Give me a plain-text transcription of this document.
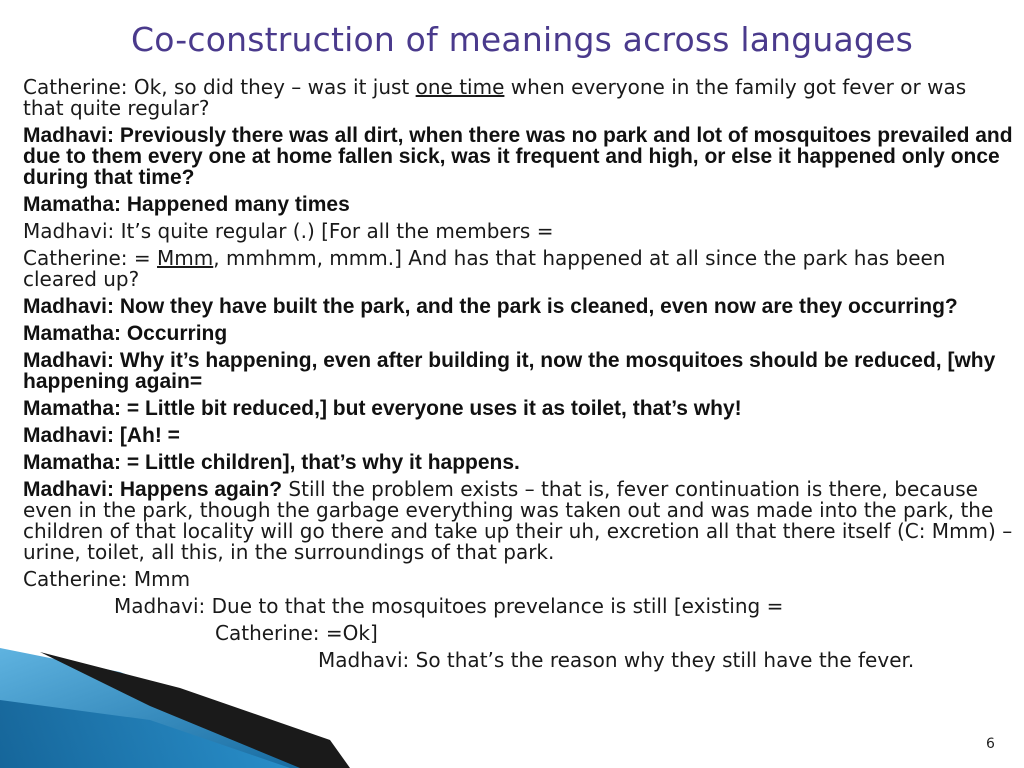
Co-construction of meanings across languages

Catherine: Ok, so did they – was it just one time when everyone in the family got fever or was that quite regular?

Madhavi: Previously there was all dirt, when there was no park and lot of mosquitoes prevailed and due to them every one at home fallen sick, was it frequent and high, or else it happened only once during that time?

Mamatha: Happened many times

Madhavi: It’s quite regular (.) [For all the members =

Catherine: = Mmm, mmhmm, mmm.] And has that happened at all since the park has been cleared up?

Madhavi: Now they have built the park, and the park is cleaned, even now are they occurring?

Mamatha: Occurring

Madhavi: Why it’s happening, even after building it, now the mosquitoes should be reduced, [why happening again=

Mamatha: = Little bit reduced,] but everyone uses it as toilet, that’s why!

Madhavi: [Ah! =

Mamatha: = Little children], that’s why it happens.

Madhavi: Happens again? Still the problem exists – that is, fever continuation is there, because even in the park, though the garbage everything was taken out and was made into the park, the children of that locality will go there and take up their uh, excretion all that there itself (C: Mmm) – urine, toilet, all this, in the surroundings of that park.

Catherine: Mmm

Madhavi: Due to that the mosquitoes prevelance is still [existing =

Catherine: =Ok]

Madhavi: So that’s the reason why they still have the fever.

6
